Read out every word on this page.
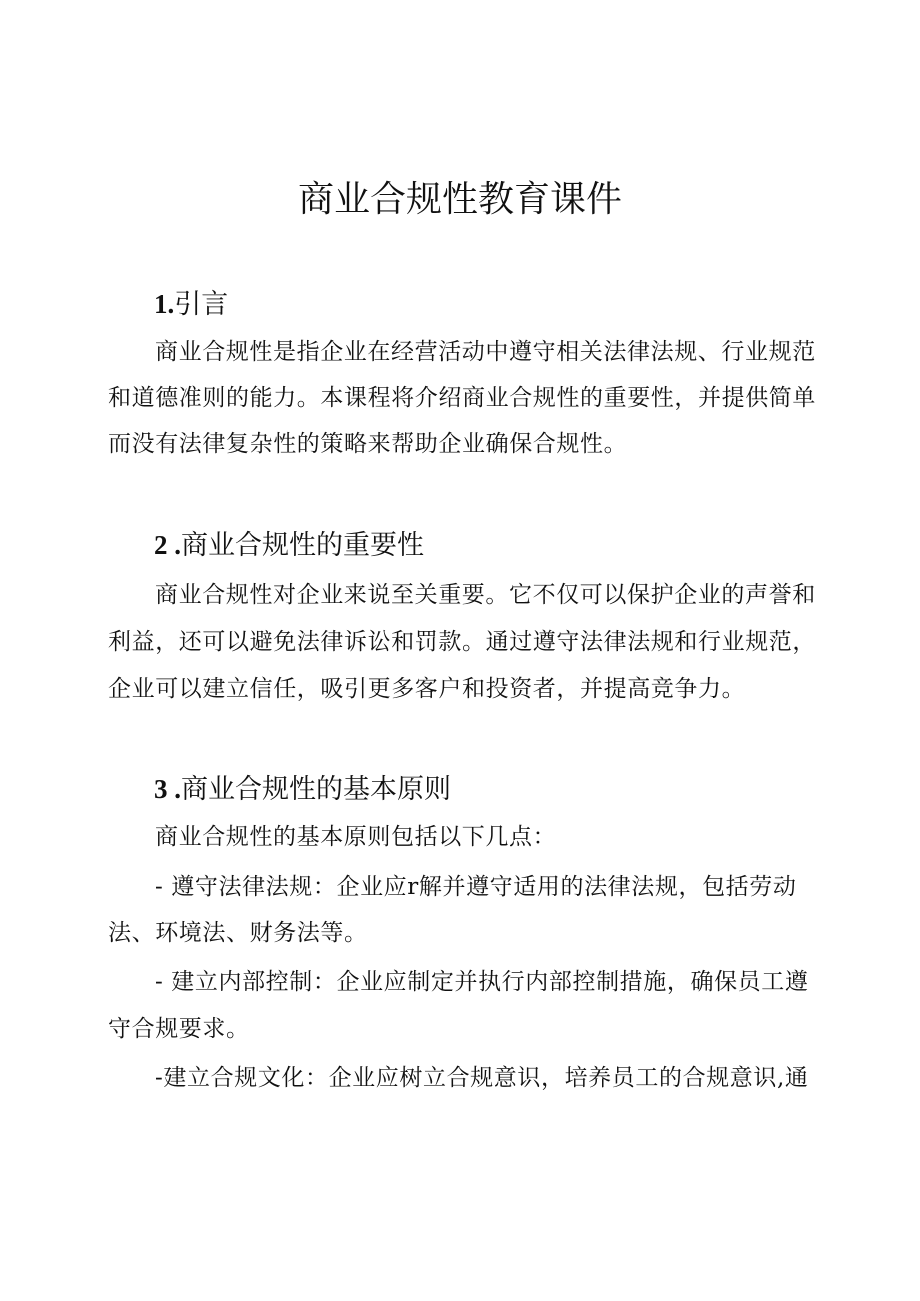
商业合规性教育课件
1.引言

商业合规性是指企业在经营活动中遵守相关法律法规、行业规范

和道德准则的能力。本课程将介绍商业合规性的重要性，并提供简单

而没有法律复杂性的策略来帮助企业确保合规性。

2 .商业合规性的重要性

商业合规性对企业来说至关重要。它不仅可以保护企业的声誉和

利益，还可以避免法律诉讼和罚款。通过遵守法律法规和行业规范，

企业可以建立信任，吸引更多客户和投资者，并提高竞争力。

3 .商业合规性的基本原则

商业合规性的基本原则包括以下几点：

- 遵守法律法规：企业应r解并遵守适用的法律法规，包括劳动

法、环境法、财务法等。

- 建立内部控制：企业应制定并执行内部控制措施，确保员工遵

守合规要求。

-建立合规文化：企业应树立合规意识，培养员工的合规意识,通
